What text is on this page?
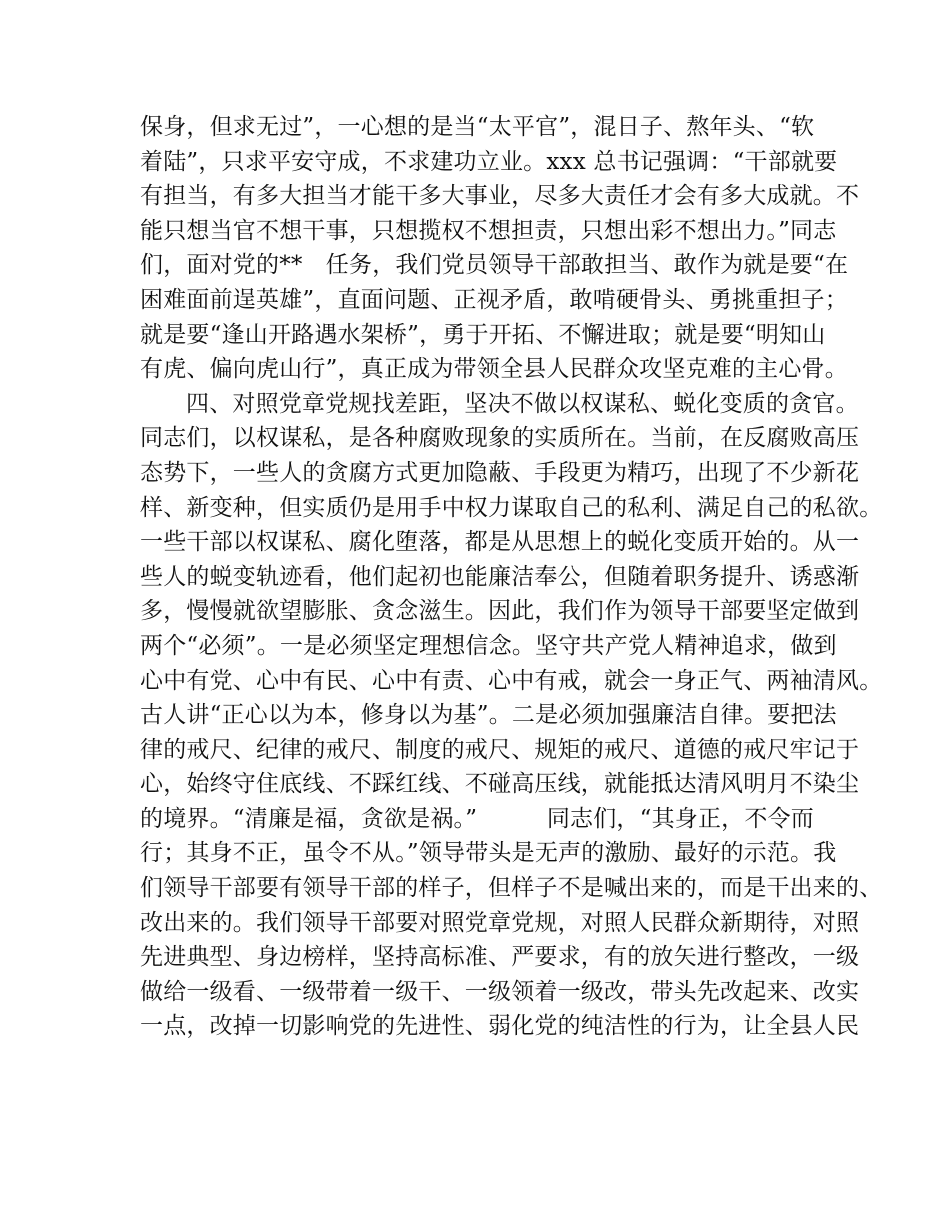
保身，但求无过”，一心想的是当“太平官”，混日子、熬年头、“软
着陆”，只求平安守成，不求建功立业。xxx 总书记强调：“干部就要
有担当，有多大担当才能干多大事业，尽多大责任才会有多大成就。不
能只想当官不想干事，只想揽权不想担责，只想出彩不想出力。”同志
们，面对党的**　任务，我们党员领导干部敢担当、敢作为就是要“在
困难面前逞英雄”，直面问题、正视矛盾，敢啃硬骨头、勇挑重担子；
就是要“逢山开路遇水架桥”，勇于开拓、不懈进取；就是要“明知山
有虎、偏向虎山行”，真正成为带领全县人民群众攻坚克难的主心骨。
四、对照党章党规找差距，坚决不做以权谋私、蜕化变质的贪官。
同志们，以权谋私，是各种腐败现象的实质所在。当前，在反腐败高压
态势下，一些人的贪腐方式更加隐蔽、手段更为精巧，出现了不少新花
样、新变种，但实质仍是用手中权力谋取自己的私利、满足自己的私欲。
一些干部以权谋私、腐化堕落，都是从思想上的蜕化变质开始的。从一
些人的蜕变轨迹看，他们起初也能廉洁奉公，但随着职务提升、诱惑渐
多，慢慢就欲望膨胀、贪念滋生。因此，我们作为领导干部要坚定做到
两个“必须”。一是必须坚定理想信念。坚守共产党人精神追求，做到
心中有党、心中有民、心中有责、心中有戒，就会一身正气、两袖清风。
古人讲“正心以为本，修身以为基”。二是必须加强廉洁自律。要把法
律的戒尺、纪律的戒尺、制度的戒尺、规矩的戒尺、道德的戒尺牢记于
心，始终守住底线、不踩红线、不碰高压线，就能抵达清风明月不染尘
的境界。“清廉是福，贪欲是祸。”　　　同志们，“其身正，不令而
行；其身不正，虽令不从。”领导带头是无声的激励、最好的示范。我
们领导干部要有领导干部的样子，但样子不是喊出来的，而是干出来的、
改出来的。我们领导干部要对照党章党规，对照人民群众新期待，对照
先进典型、身边榜样，坚持高标准、严要求，有的放矢进行整改，一级
做给一级看、一级带着一级干、一级领着一级改，带头先改起来、改实
一点，改掉一切影响党的先进性、弱化党的纯洁性的行为，让全县人民
